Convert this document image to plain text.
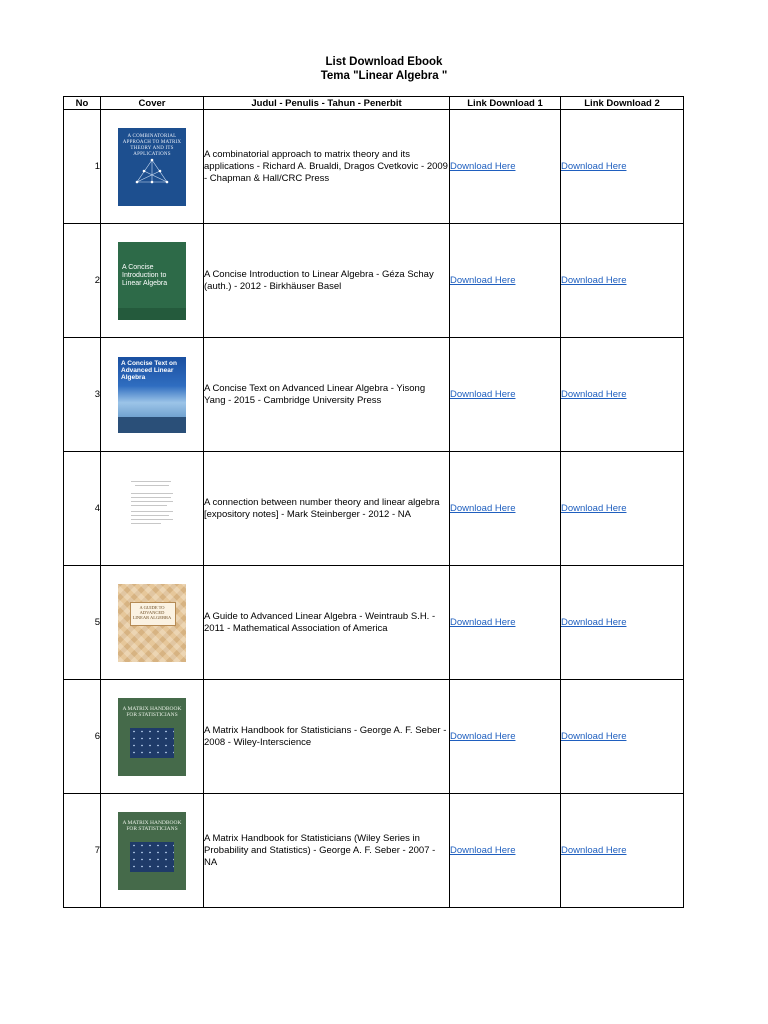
List Download Ebook
Tema "Linear Algebra "
No	Cover	Judul - Penulis - Tahun - Penerbit	Link Download 1	Link Download 2
1	A COMBINATORIAL APPROACH TO MATRIX THEORY AND ITS APPLICATIONS	A combinatorial approach to matrix theory and its applications - Richard A. Brualdi, Dragos Cvetkovic - 2009 - Chapman & Hall/CRC Press	Download Here	Download Here
2	A Concise Introduction to Linear Algebra	A Concise Introduction to Linear Algebra - Géza Schay (auth.) - 2012 - Birkhäuser Basel	Download Here	Download Here
3	A Concise Text on Advanced Linear Algebra	A Concise Text on Advanced Linear Algebra - Yisong Yang - 2015 - Cambridge University Press	Download Here	Download Here
4		A connection between number theory and linear algebra [expository notes] - Mark Steinberger - 2012 - NA	Download Here	Download Here
5	A GUIDE TO ADVANCED LINEAR ALGEBRA	A Guide to Advanced Linear Algebra - Weintraub S.H. - 2011 - Mathematical Association of America	Download Here	Download Here
6	A MATRIX HANDBOOK FOR STATISTICIANS	A Matrix Handbook for Statisticians - George A. F. Seber - 2008 - Wiley-Interscience	Download Here	Download Here
7	A MATRIX HANDBOOK FOR STATISTICIANS	A Matrix Handbook for Statisticians (Wiley Series in Probability and Statistics) - George A. F. Seber - 2007 - NA	Download Here	Download Here
